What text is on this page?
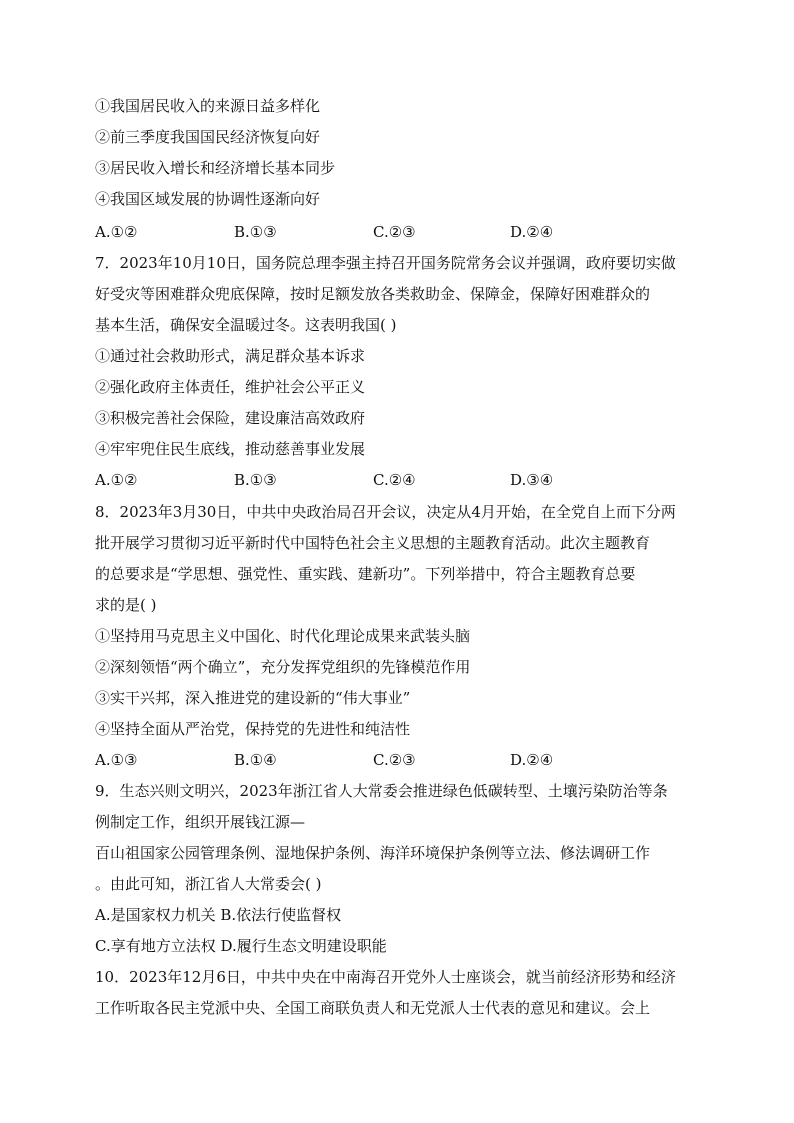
①我国居民收入的来源日益多样化
②前三季度我国国民经济恢复向好
③居民收入增长和经济增长基本同步
④我国区域发展的协调性逐渐向好
A.①②	B.①③	C.②③	D.②④
7．2023年10月10日，国务院总理李强主持召开国务院常务会议并强调，政府要切实做
好受灾等困难群众兜底保障，按时足额发放各类救助金、保障金，保障好困难群众的
基本生活，确保安全温暖过冬。这表明我国( )
①通过社会救助形式，满足群众基本诉求
②强化政府主体责任，维护社会公平正义
③积极完善社会保险，建设廉洁高效政府
④牢牢兜住民生底线，推动慈善事业发展
A.①②	B.①③	C.②④	D.③④
8．2023年3月30日，中共中央政治局召开会议，决定从4月开始，在全党自上而下分两
批开展学习贯彻习近平新时代中国特色社会主义思想的主题教育活动。此次主题教育
的总要求是“学思想、强党性、重实践、建新功”。下列举措中，符合主题教育总要
求的是( )
①坚持用马克思主义中国化、时代化理论成果来武装头脑
②深刻领悟“两个确立”，充分发挥党组织的先锋模范作用
③实干兴邦，深入推进党的建设新的“伟大事业”
④坚持全面从严治党，保持党的先进性和纯洁性
A.①③	B.①④	C.②③	D.②④
9．生态兴则文明兴，2023年浙江省人大常委会推进绿色低碳转型、土壤污染防治等条
例制定工作，组织开展钱江源—
百山祖国家公园管理条例、湿地保护条例、海洋环境保护条例等立法、修法调研工作
。由此可知，浙江省人大常委会( )
A.是国家权力机关 B.依法行使监督权
C.享有地方立法权 D.履行生态文明建设职能
10．2023年12月6日，中共中央在中南海召开党外人士座谈会，就当前经济形势和经济
工作听取各民主党派中央、全国工商联负责人和无党派人士代表的意见和建议。会上
